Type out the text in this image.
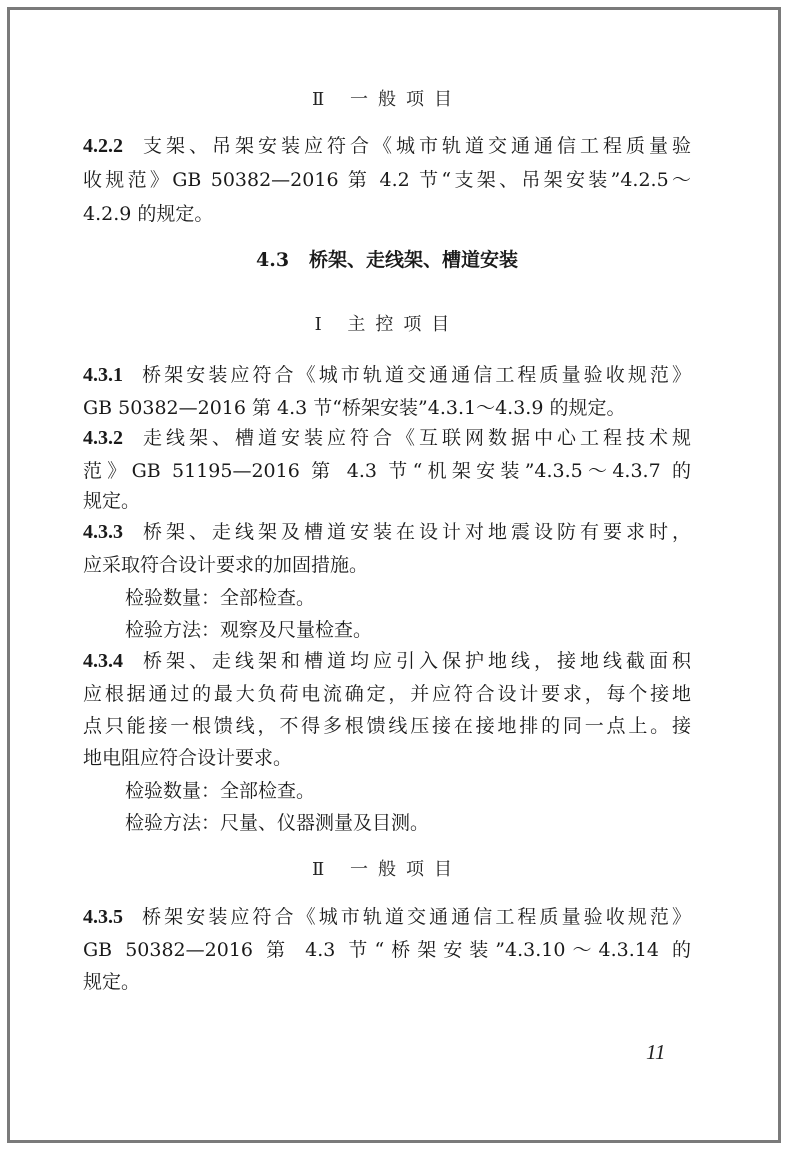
Ⅱ 一般项目
4.2.2 支架、吊架安装应符合《城市轨道交通通信工程质量验
收规范》GB 50382—2016 第 4.2 节“支架、吊架安装”4.2.5～
4.2.9 的规定。
4.3 桥架、走线架、槽道安装
Ⅰ 主控项目
4.3.1 桥架安装应符合《城市轨道交通通信工程质量验收规范》
GB 50382—2016 第 4.3 节“桥架安装”4.3.1～4.3.9 的规定。
4.3.2 走线架、槽道安装应符合《互联网数据中心工程技术规
范》GB 51195—2016 第 4.3 节“机架安装”4.3.5～4.3.7 的
规定。
4.3.3 桥架、走线架及槽道安装在设计对地震设防有要求时，
应采取符合设计要求的加固措施。
检验数量：全部检查。
检验方法：观察及尺量检查。
4.3.4 桥架、走线架和槽道均应引入保护地线，接地线截面积
应根据通过的最大负荷电流确定，并应符合设计要求，每个接地
点只能接一根馈线，不得多根馈线压接在接地排的同一点上。接
地电阻应符合设计要求。
检验数量：全部检查。
检验方法：尺量、仪器测量及目测。
Ⅱ 一般项目
4.3.5 桥架安装应符合《城市轨道交通通信工程质量验收规范》
GB 50382—2016 第 4.3 节“桥架安装”4.3.10～4.3.14 的
规定。
11
